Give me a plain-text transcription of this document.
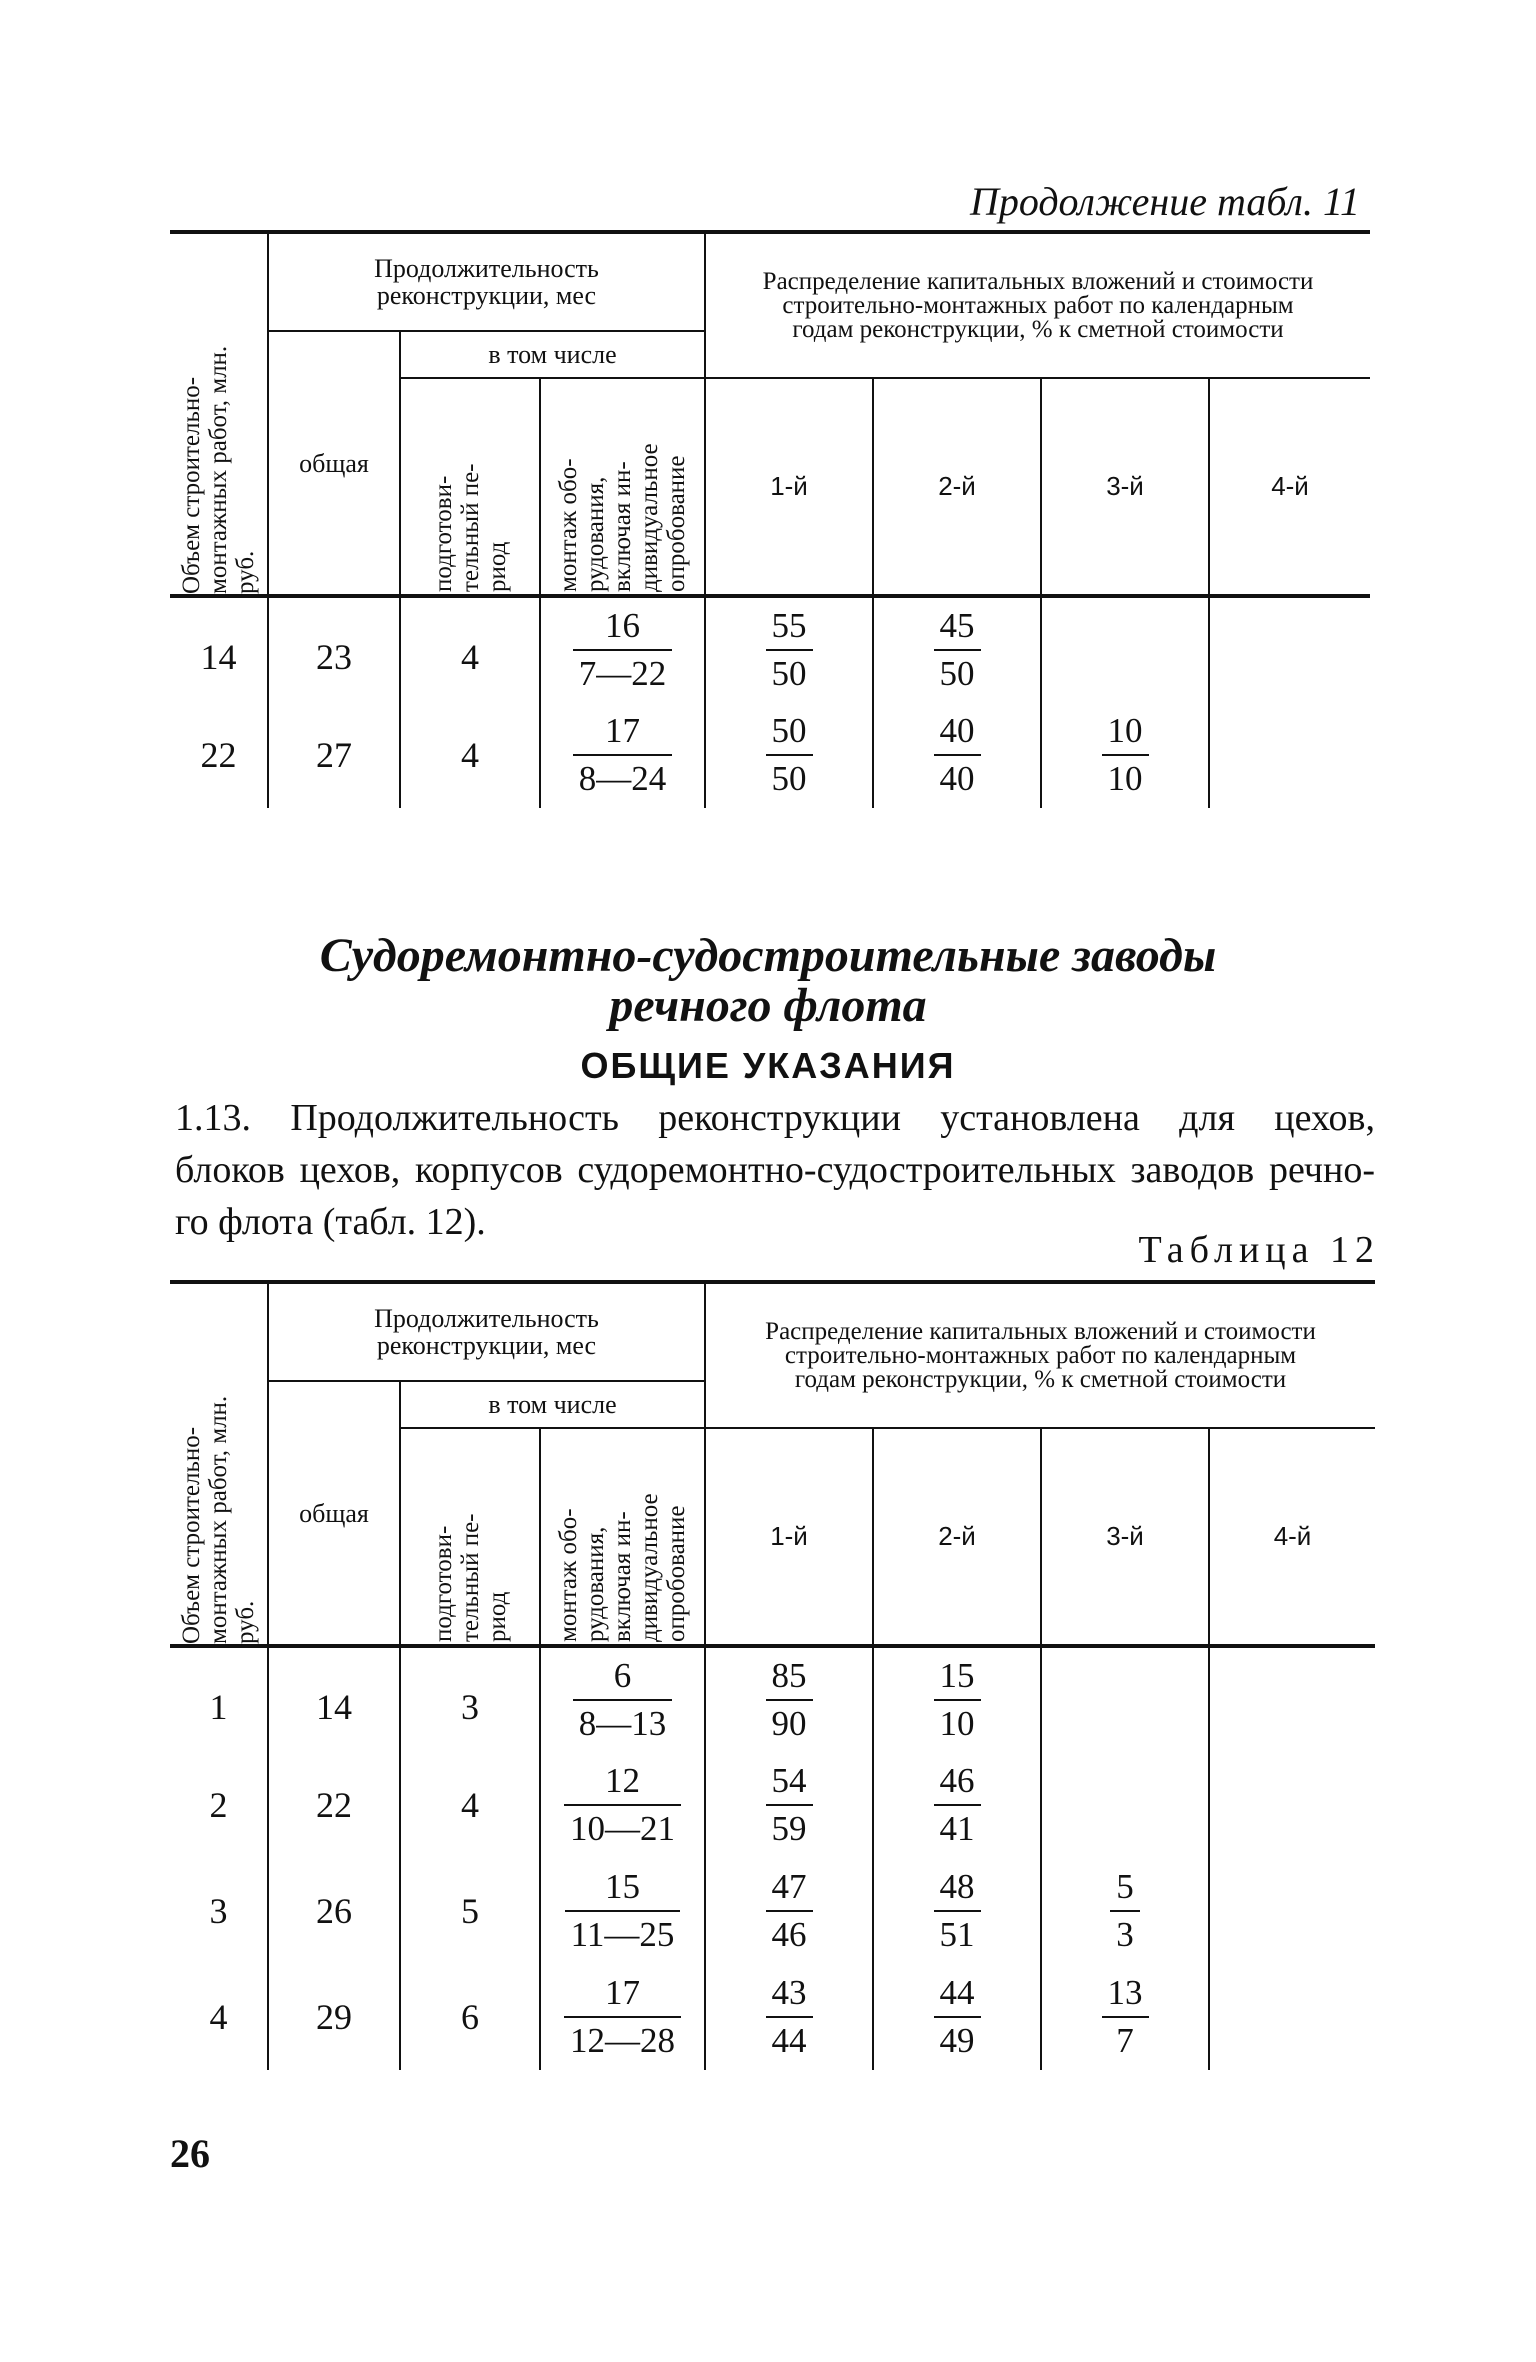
Продолжение табл. 11
Объем строительно-
монтажных работ, млн.
руб.	Продолжительность реконструкции, мес			Распределение капитальных вложений и стоимости строительно-монтажных работ по календарным годам реконструкции, % к сметной стоимости			

	общая	в том числе					

		подготови-
тельный пе-
риод	монтаж обо-
рудования,
включая ин-
дивидуальное
опробование	1-й	2-й	3-й	4-й
14	23	4	$\frac{16}{7—22}$	$\frac{55}{50}$	$\frac{45}{50}$

22	27	4	$\frac{17}{8—24}$	$\frac{50}{50}$	$\frac{40}{40}$	$\frac{10}{10}$

Судоремонтно-судостроительные заводы
речного флота
ОБЩИЕ УКАЗАНИЯ
1.13. Продолжительность реконструкции установлена для цехов,
блоков цехов, корпусов судоремонтно-судостроительных заводов речно-
го флота (табл. 12).
Таблица 12
Объем строительно-
монтажных работ, млн.
руб.	Продолжительность реконструкции, мес			Распределение капитальных вложений и стоимости строительно-монтажных работ по календарным годам реконструкции, % к сметной стоимости			

	общая	в том числе					

		подготови-
тельный пе-
риод	монтаж обо-
рудования,
включая ин-
дивидуальное
опробование	1-й	2-й	3-й	4-й
1	14	3	$\frac{6}{8—13}$	$\frac{85}{90}$	$\frac{15}{10}$

2	22	4	$\frac{12}{10—21}$	$\frac{54}{59}$	$\frac{46}{41}$

3	26	5	$\frac{15}{11—25}$	$\frac{47}{46}$	$\frac{48}{51}$	$\frac{5}{3}$

4	29	6	$\frac{17}{12—28}$	$\frac{43}{44}$	$\frac{44}{49}$	$\frac{13}{7}$

26
